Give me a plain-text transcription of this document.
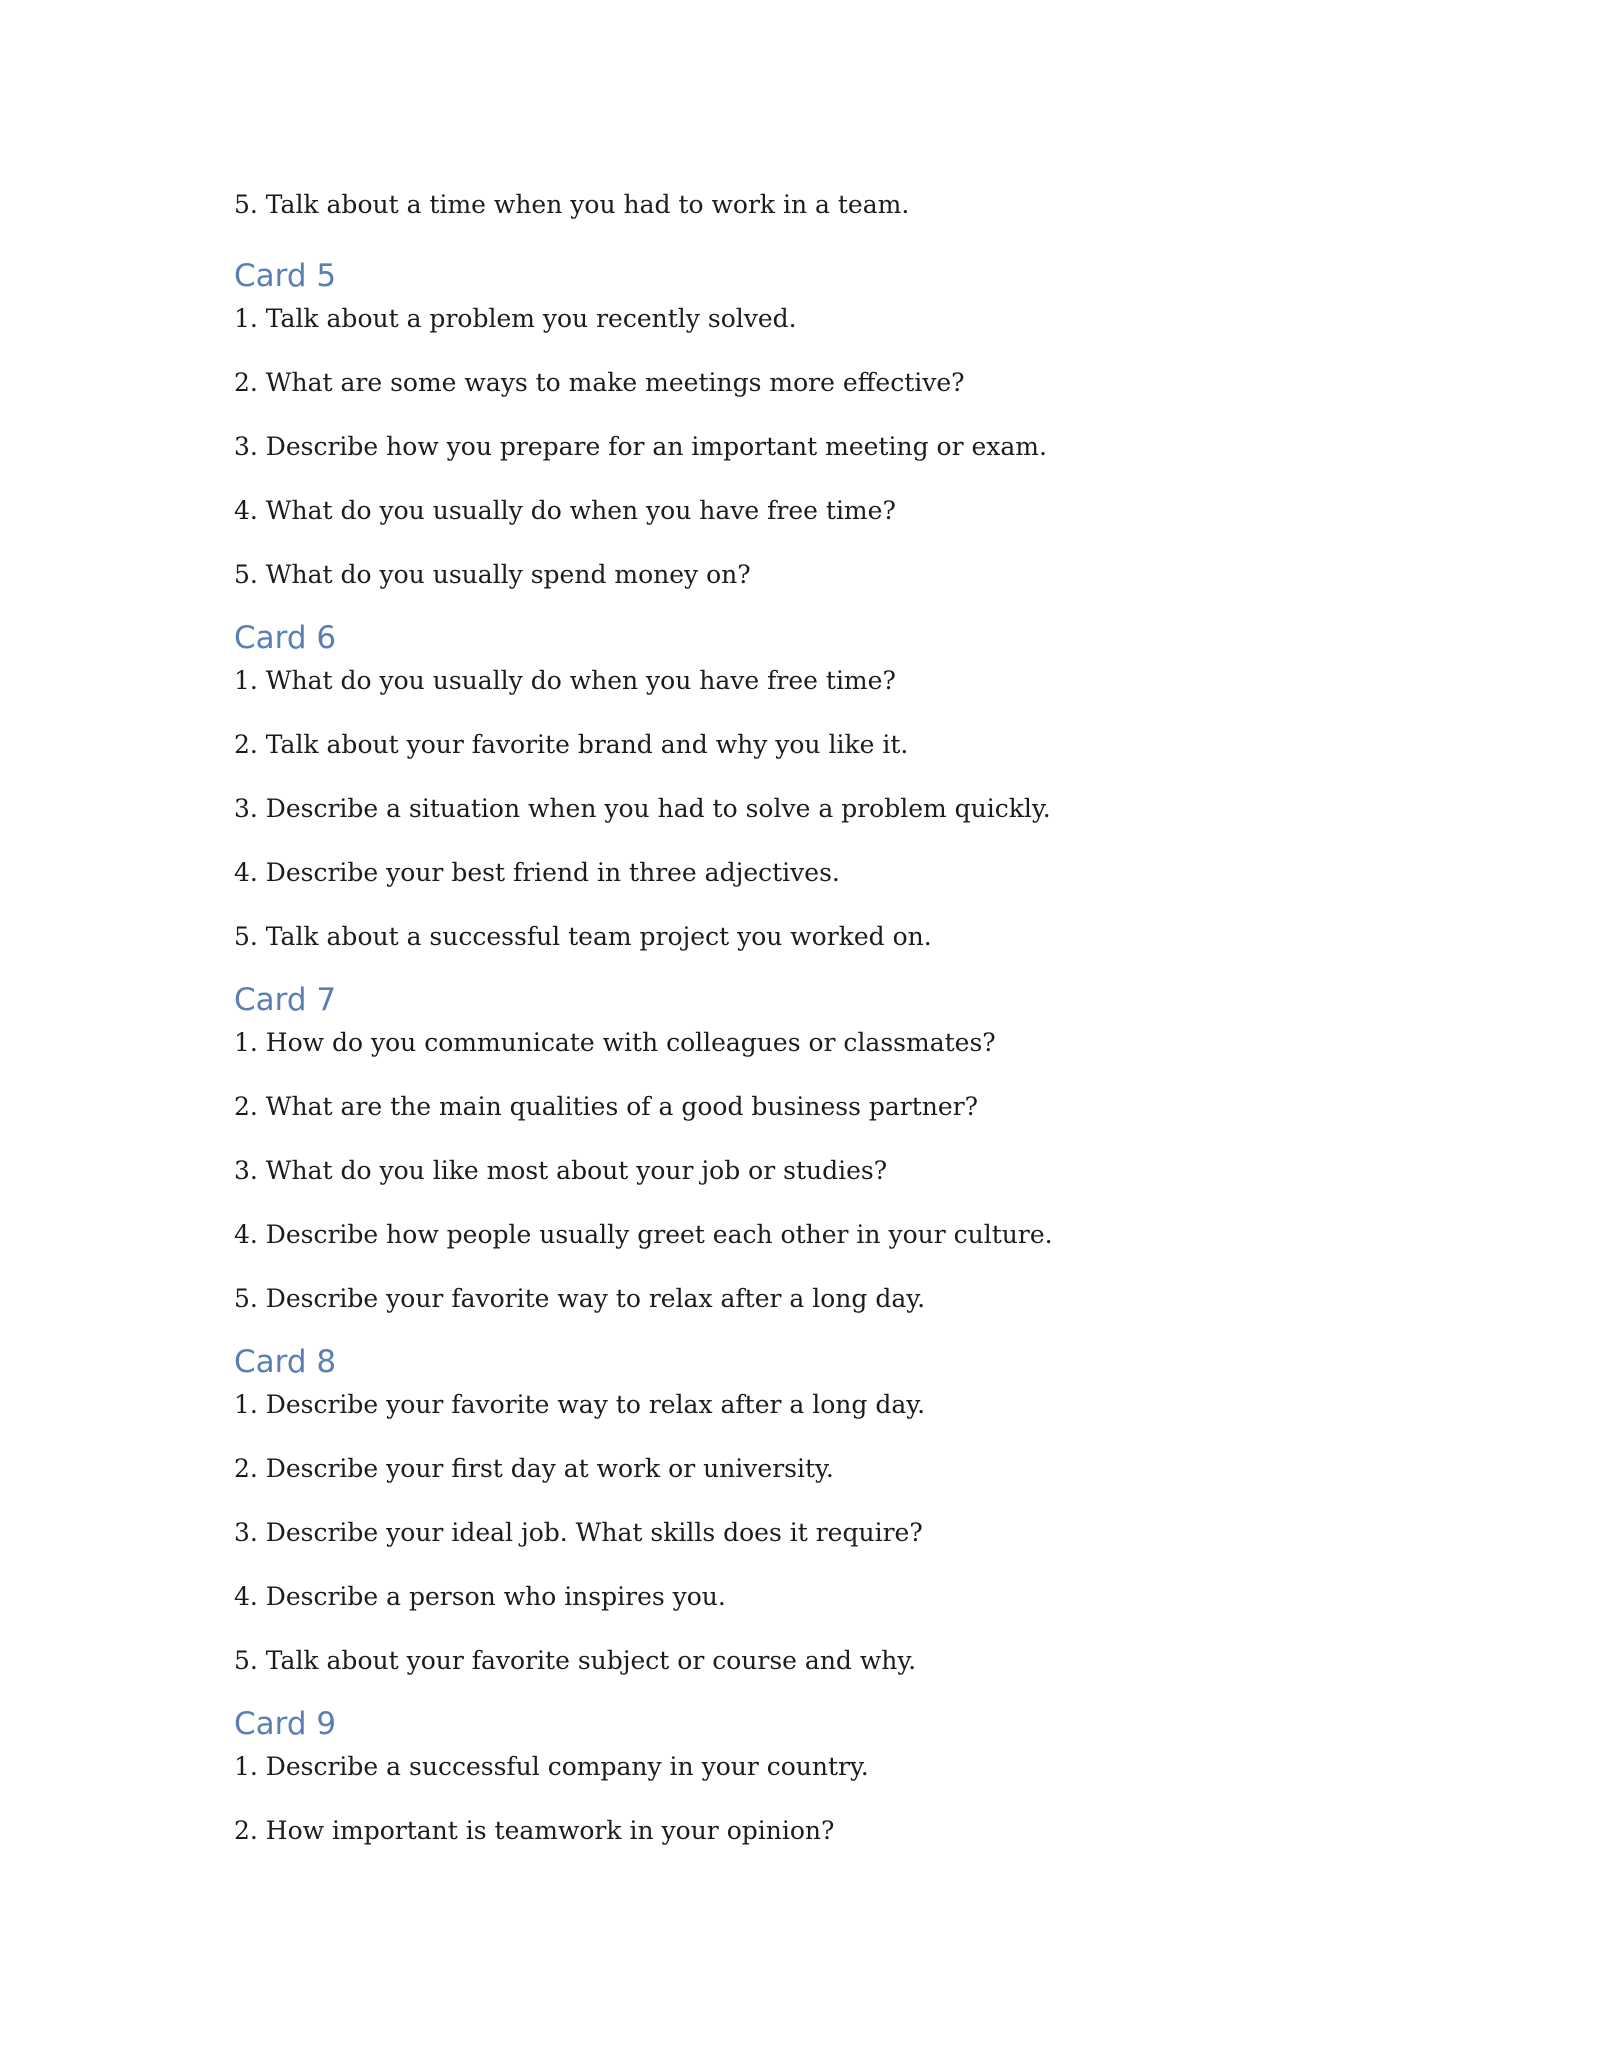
5. Talk about a time when you had to work in a team.
Card 5
1. Talk about a problem you recently solved.
2. What are some ways to make meetings more effective?
3. Describe how you prepare for an important meeting or exam.
4. What do you usually do when you have free time?
5. What do you usually spend money on?
Card 6
1. What do you usually do when you have free time?
2. Talk about your favorite brand and why you like it.
3. Describe a situation when you had to solve a problem quickly.
4. Describe your best friend in three adjectives.
5. Talk about a successful team project you worked on.
Card 7
1. How do you communicate with colleagues or classmates?
2. What are the main qualities of a good business partner?
3. What do you like most about your job or studies?
4. Describe how people usually greet each other in your culture.
5. Describe your favorite way to relax after a long day.
Card 8
1. Describe your favorite way to relax after a long day.
2. Describe your first day at work or university.
3. Describe your ideal job. What skills does it require?
4. Describe a person who inspires you.
5. Talk about your favorite subject or course and why.
Card 9
1. Describe a successful company in your country.
2. How important is teamwork in your opinion?
